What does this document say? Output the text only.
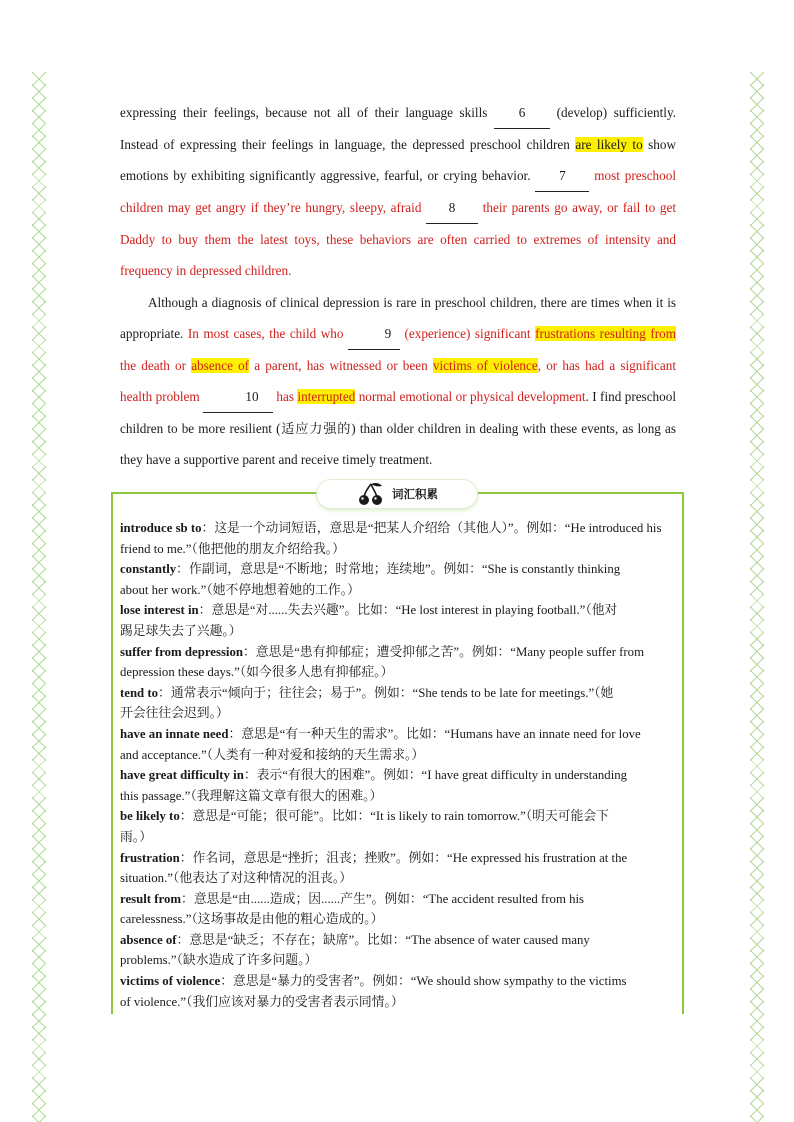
expressing their feelings, because not all of their language skills 6 (develop) sufficiently. Instead of expressing their feelings in language, the depressed preschool children are likely to show emotions by exhibiting significantly aggressive, fearful, or crying behavior. 7 most preschool children may get angry if they’re hungry, sleepy, afraid 8 their parents go away, or fail to get Daddy to buy them the latest toys, these behaviors are often carried to extremes of intensity and frequency in depressed children.

Although a diagnosis of clinical depression is rare in preschool children, there are times when it is appropriate. In most cases, the child who	9 (experience) significant frustrations resulting from the death or absence of a parent, has witnessed or been victims of violence, or has had a significant health problem	10 has interrupted normal emotional or physical development. I find preschool children to be more resilient (适应力强的) than older children in dealing with these events, as long as they have a supportive parent and receive timely treatment.

词汇积累
introduce sb to：这是一个动词短语，意思是“把某人介绍给（其他人）”。例如：“He introduced his
friend to me.”（他把他的朋友介绍给我。）
constantly：作副词，意思是“不断地；时常地；连续地”。例如：“She is constantly thinking
about her work.”（她不停地想着她的工作。）
lose interest in：意思是“对......失去兴趣”。比如：“He lost interest in playing football.”（他对
踢足球失去了兴趣。）
suffer from depression：意思是“患有抑郁症；遭受抑郁之苦”。例如：“Many people suffer from
depression these days.”（如今很多人患有抑郁症。）
tend to：通常表示“倾向于；往往会；易于”。例如：“She tends to be late for meetings.”（她
开会往往会迟到。）
have an innate need：意思是“有一种天生的需求”。比如：“Humans have an innate need for love
and acceptance.”（人类有一种对爱和接纳的天生需求。）
have great difficulty in：表示“有很大的困难”。例如：“I have great difficulty in understanding
this passage.”（我理解这篇文章有很大的困难。）
be likely to：意思是“可能；很可能”。比如：“It is likely to rain tomorrow.”（明天可能会下
雨。）
frustration：作名词，意思是“挫折；沮丧；挫败”。例如：“He expressed his frustration at the
situation.”（他表达了对这种情况的沮丧。）
result from：意思是“由......造成；因......产生”。例如：“The accident resulted from his
carelessness.”（这场事故是由他的粗心造成的。）
absence of：意思是“缺乏；不存在；缺席”。比如：“The absence of water caused many
problems.”（缺水造成了许多问题。）
victims of violence：意思是“暴力的受害者”。例如：“We should show sympathy to the victims
of violence.”（我们应该对暴力的受害者表示同情。）
